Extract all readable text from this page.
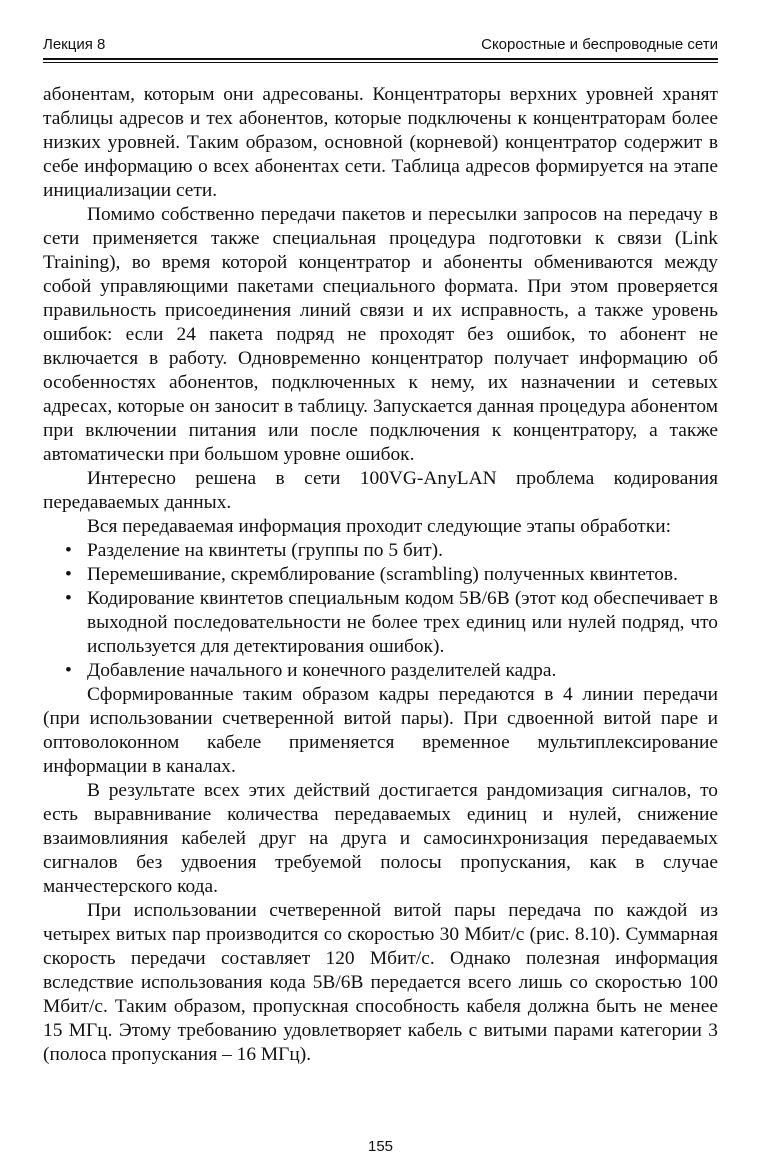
Лекция 8	Скоростные и беспроводные сети

абонентам, которым они адресованы. Концентраторы верхних уровней хранят таблицы адресов и тех абонентов, которые подключены к концентраторам более низких уровней. Таким образом, основной (корневой) концентратор содержит в себе информацию о всех абонентах сети. Таблица адресов формируется на этапе инициализации сети.

Помимо собственно передачи пакетов и пересылки запросов на передачу в сети применяется также специальная процедура подготовки к связи (Link Training), во время которой концентратор и абоненты обмениваются между собой управляющими пакетами специального формата. При этом проверяется правильность присоединения линий связи и их исправность, а также уровень ошибок: если 24 пакета подряд не проходят без ошибок, то абонент не включается в работу. Одновременно концентратор получает информацию об особенностях абонентов, подключенных к нему, их назначении и сетевых адресах, которые он заносит в таблицу. Запускается данная процедура абонентом при включении питания или после подключения к концентратору, а также автоматически при большом уровне ошибок.

Интересно решена в сети 100VG-AnyLAN проблема кодирования передаваемых данных.

Вся передаваемая информация проходит следующие этапы обработки:

• Разделение на квинтеты (группы по 5 бит).
• Перемешивание, скремблирование (scrambling) полученных квинтетов.
• Кодирование квинтетов специальным кодом 5B/6B (этот код обеспечивает в выходной последовательности не более трех единиц или нулей подряд, что используется для детектирования ошибок).
• Добавление начального и конечного разделителей кадра.

Сформированные таким образом кадры передаются в 4 линии передачи (при использовании счетверенной витой пары). При сдвоенной витой паре и оптоволоконном кабеле применяется временное мультиплексирование информации в каналах.

В результате всех этих действий достигается рандомизация сигналов, то есть выравнивание количества передаваемых единиц и нулей, снижение взаимовлияния кабелей друг на друга и самосинхронизация передаваемых сигналов без удвоения требуемой полосы пропускания, как в случае манчестерского кода.

При использовании счетверенной витой пары передача по каждой из четырех витых пар производится со скоростью 30 Мбит/с (рис. 8.10). Суммарная скорость передачи составляет 120 Мбит/с. Однако полезная информация вследствие использования кода 5B/6B передается всего лишь со скоростью 100 Мбит/с. Таким образом, пропускная способность кабеля должна быть не менее 15 МГц. Этому требованию удовлетворяет кабель с витыми парами категории 3 (полоса пропускания – 16 МГц).

155
